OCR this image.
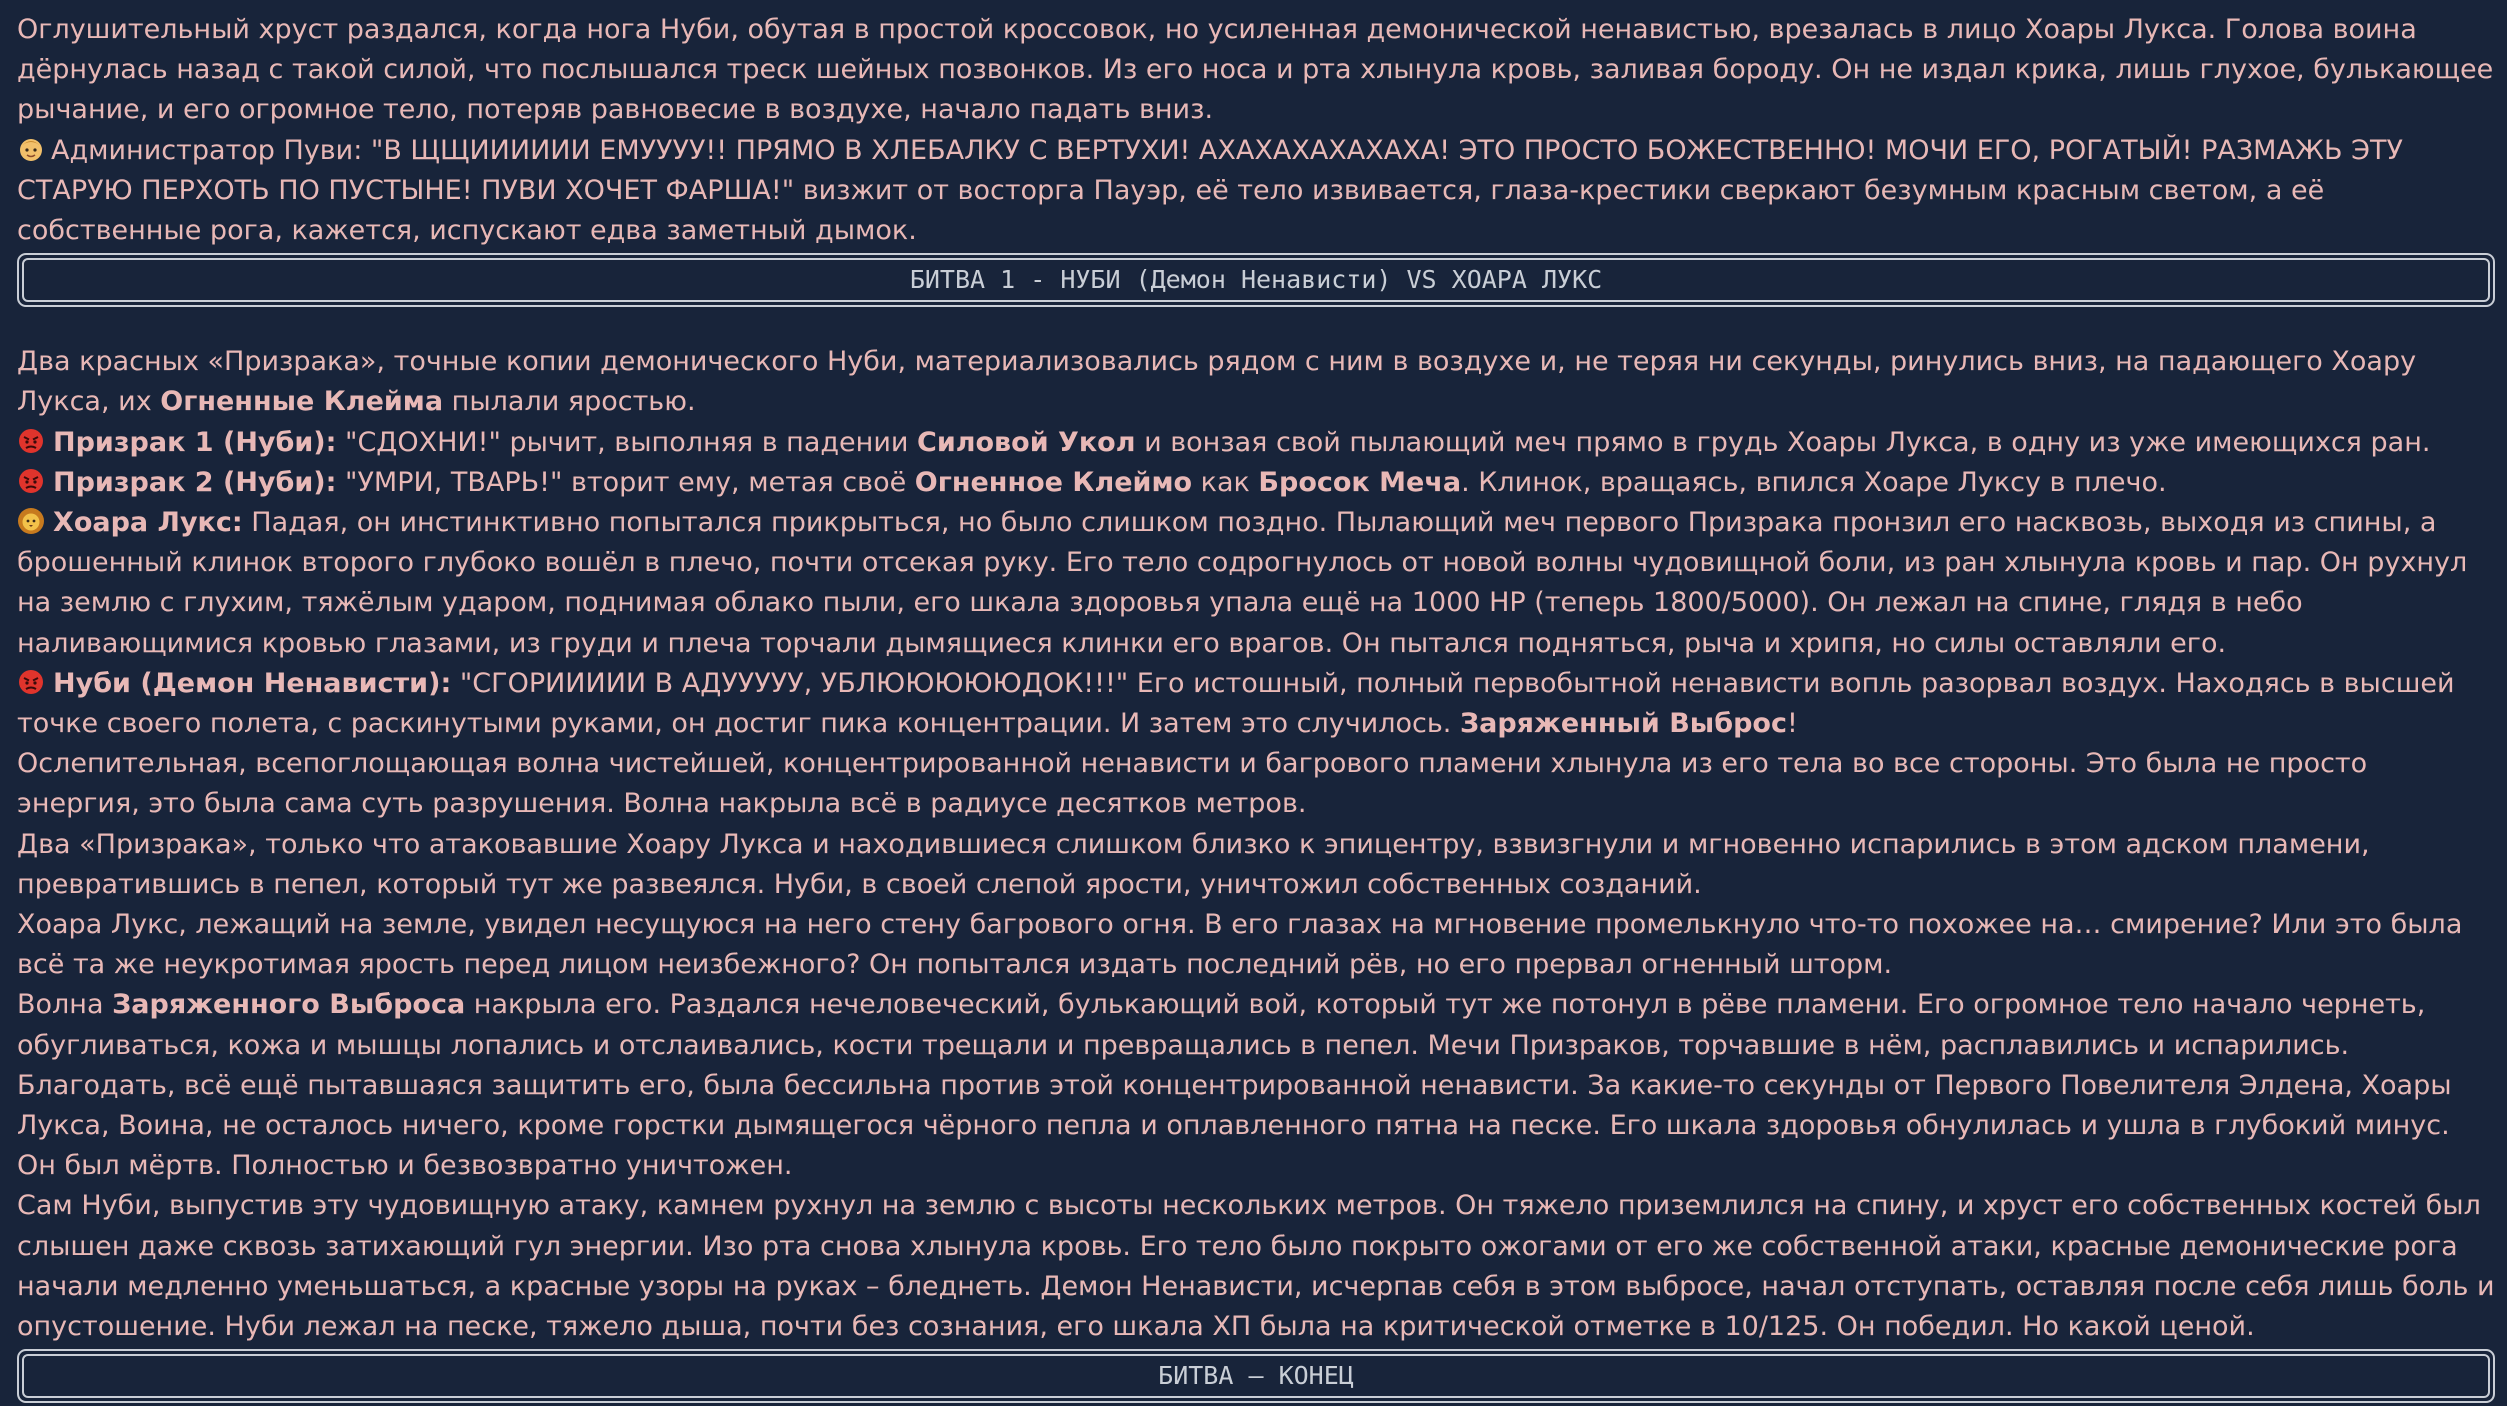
Оглушительный хруст раздался, когда нога Нуби, обутая в простой кроссовок, но усиленная демонической ненавистью, врезалась в лицо Хоары Лукса. Голова воина дёрнулась назад с такой силой, что послышался треск шейных позвонков. Из его носа и рта хлынула кровь, заливая бороду. Он не издал крика, лишь глухое, булькающее рычание, и его огромное тело, потеряв равновесие в воздухе, начало падать вниз.

Администратор Пуви: "В ЩЩИИИИИИ ЕМУУУУ!! ПРЯМО В ХЛЕБАЛКУ С ВЕРТУХИ! АХАХАХАХАХАХА! ЭТО ПРОСТО БОЖЕСТВЕННО! МОЧИ ЕГО, РОГАТЫЙ! РАЗМАЖЬ ЭТУ СТАРУЮ ПЕРХОТЬ ПО ПУСТЫНЕ! ПУВИ ХОЧЕТ ФАРША!" визжит от восторга Пауэр, её тело извивается, глаза-крестики сверкают безумным красным светом, а её собственные рога, кажется, испускают едва заметный дымок.

БИТВА 1 - НУБИ (Демон Ненависти) VS ХОАРА ЛУКС

Два красных «Призрака», точные копии демонического Нуби, материализовались рядом с ним в воздухе и, не теряя ни секунды, ринулись вниз, на падающего Хоару Лукса, их Огненные Клейма пылали яростью.

Призрак 1 (Нуби): "СДОХНИ!" рычит, выполняя в падении Силовой Укол и вонзая свой пылающий меч прямо в грудь Хоары Лукса, в одну из уже имеющихся ран.

Призрак 2 (Нуби): "УМРИ, ТВАРЬ!" вторит ему, метая своё Огненное Клеймо как Бросок Меча. Клинок, вращаясь, впился Хоаре Луксу в плечо.

Хоара Лукс: Падая, он инстинктивно попытался прикрыться, но было слишком поздно. Пылающий меч первого Призрака пронзил его насквозь, выходя из спины, а брошенный клинок второго глубоко вошёл в плечо, почти отсекая руку. Его тело содрогнулось от новой волны чудовищной боли, из ран хлынула кровь и пар. Он рухнул на землю с глухим, тяжёлым ударом, поднимая облако пыли, его шкала здоровья упала ещё на 1000 HP (теперь 1800/5000). Он лежал на спине, глядя в небо наливающимися кровью глазами, из груди и плеча торчали дымящиеся клинки его врагов. Он пытался подняться, рыча и хрипя, но силы оставляли его.

Нуби (Демон Ненависти): "СГОРИИИИИ В АДУУУУУ, УБЛЮЮЮЮЮДОК!!!" Его истошный, полный первобытной ненависти вопль разорвал воздух. Находясь в высшей точке своего полета, с раскинутыми руками, он достиг пика концентрации. И затем это случилось. Заряженный Выброс!

Ослепительная, всепоглощающая волна чистейшей, концентрированной ненависти и багрового пламени хлынула из его тела во все стороны. Это была не просто энергия, это была сама суть разрушения. Волна накрыла всё в радиусе десятков метров.

Два «Призрака», только что атаковавшие Хоару Лукса и находившиеся слишком близко к эпицентру, взвизгнули и мгновенно испарились в этом адском пламени, превратившись в пепел, который тут же развеялся. Нуби, в своей слепой ярости, уничтожил собственных созданий.

Хоара Лукс, лежащий на земле, увидел несущуюся на него стену багрового огня. В его глазах на мгновение промелькнуло что-то похожее на… смирение? Или это была всё та же неукротимая ярость перед лицом неизбежного? Он попытался издать последний рёв, но его прервал огненный шторм.

Волна Заряженного Выброса накрыла его. Раздался нечеловеческий, булькающий вой, который тут же потонул в рёве пламени. Его огромное тело начало чернеть, обугливаться, кожа и мышцы лопались и отслаивались, кости трещали и превращались в пепел. Мечи Призраков, торчавшие в нём, расплавились и испарились. Благодать, всё ещё пытавшаяся защитить его, была бессильна против этой концентрированной ненависти. За какие-то секунды от Первого Повелителя Элдена, Хоары Лукса, Воина, не осталось ничего, кроме горстки дымящегося чёрного пепла и оплавленного пятна на песке. Его шкала здоровья обнулилась и ушла в глубокий минус. Он был мёртв. Полностью и безвозвратно уничтожен.

Сам Нуби, выпустив эту чудовищную атаку, камнем рухнул на землю с высоты нескольких метров. Он тяжело приземлился на спину, и хруст его собственных костей был слышен даже сквозь затихающий гул энергии. Изо рта снова хлынула кровь. Его тело было покрыто ожогами от его же собственной атаки, красные демонические рога начали медленно уменьшаться, а красные узоры на руках – бледнеть. Демон Ненависти, исчерпав себя в этом выбросе, начал отступать, оставляя после себя лишь боль и опустошение. Нуби лежал на песке, тяжело дыша, почти без сознания, его шкала ХП была на критической отметке в 10/125. Он победил. Но какой ценой.

БИТВА – КОНЕЦ
